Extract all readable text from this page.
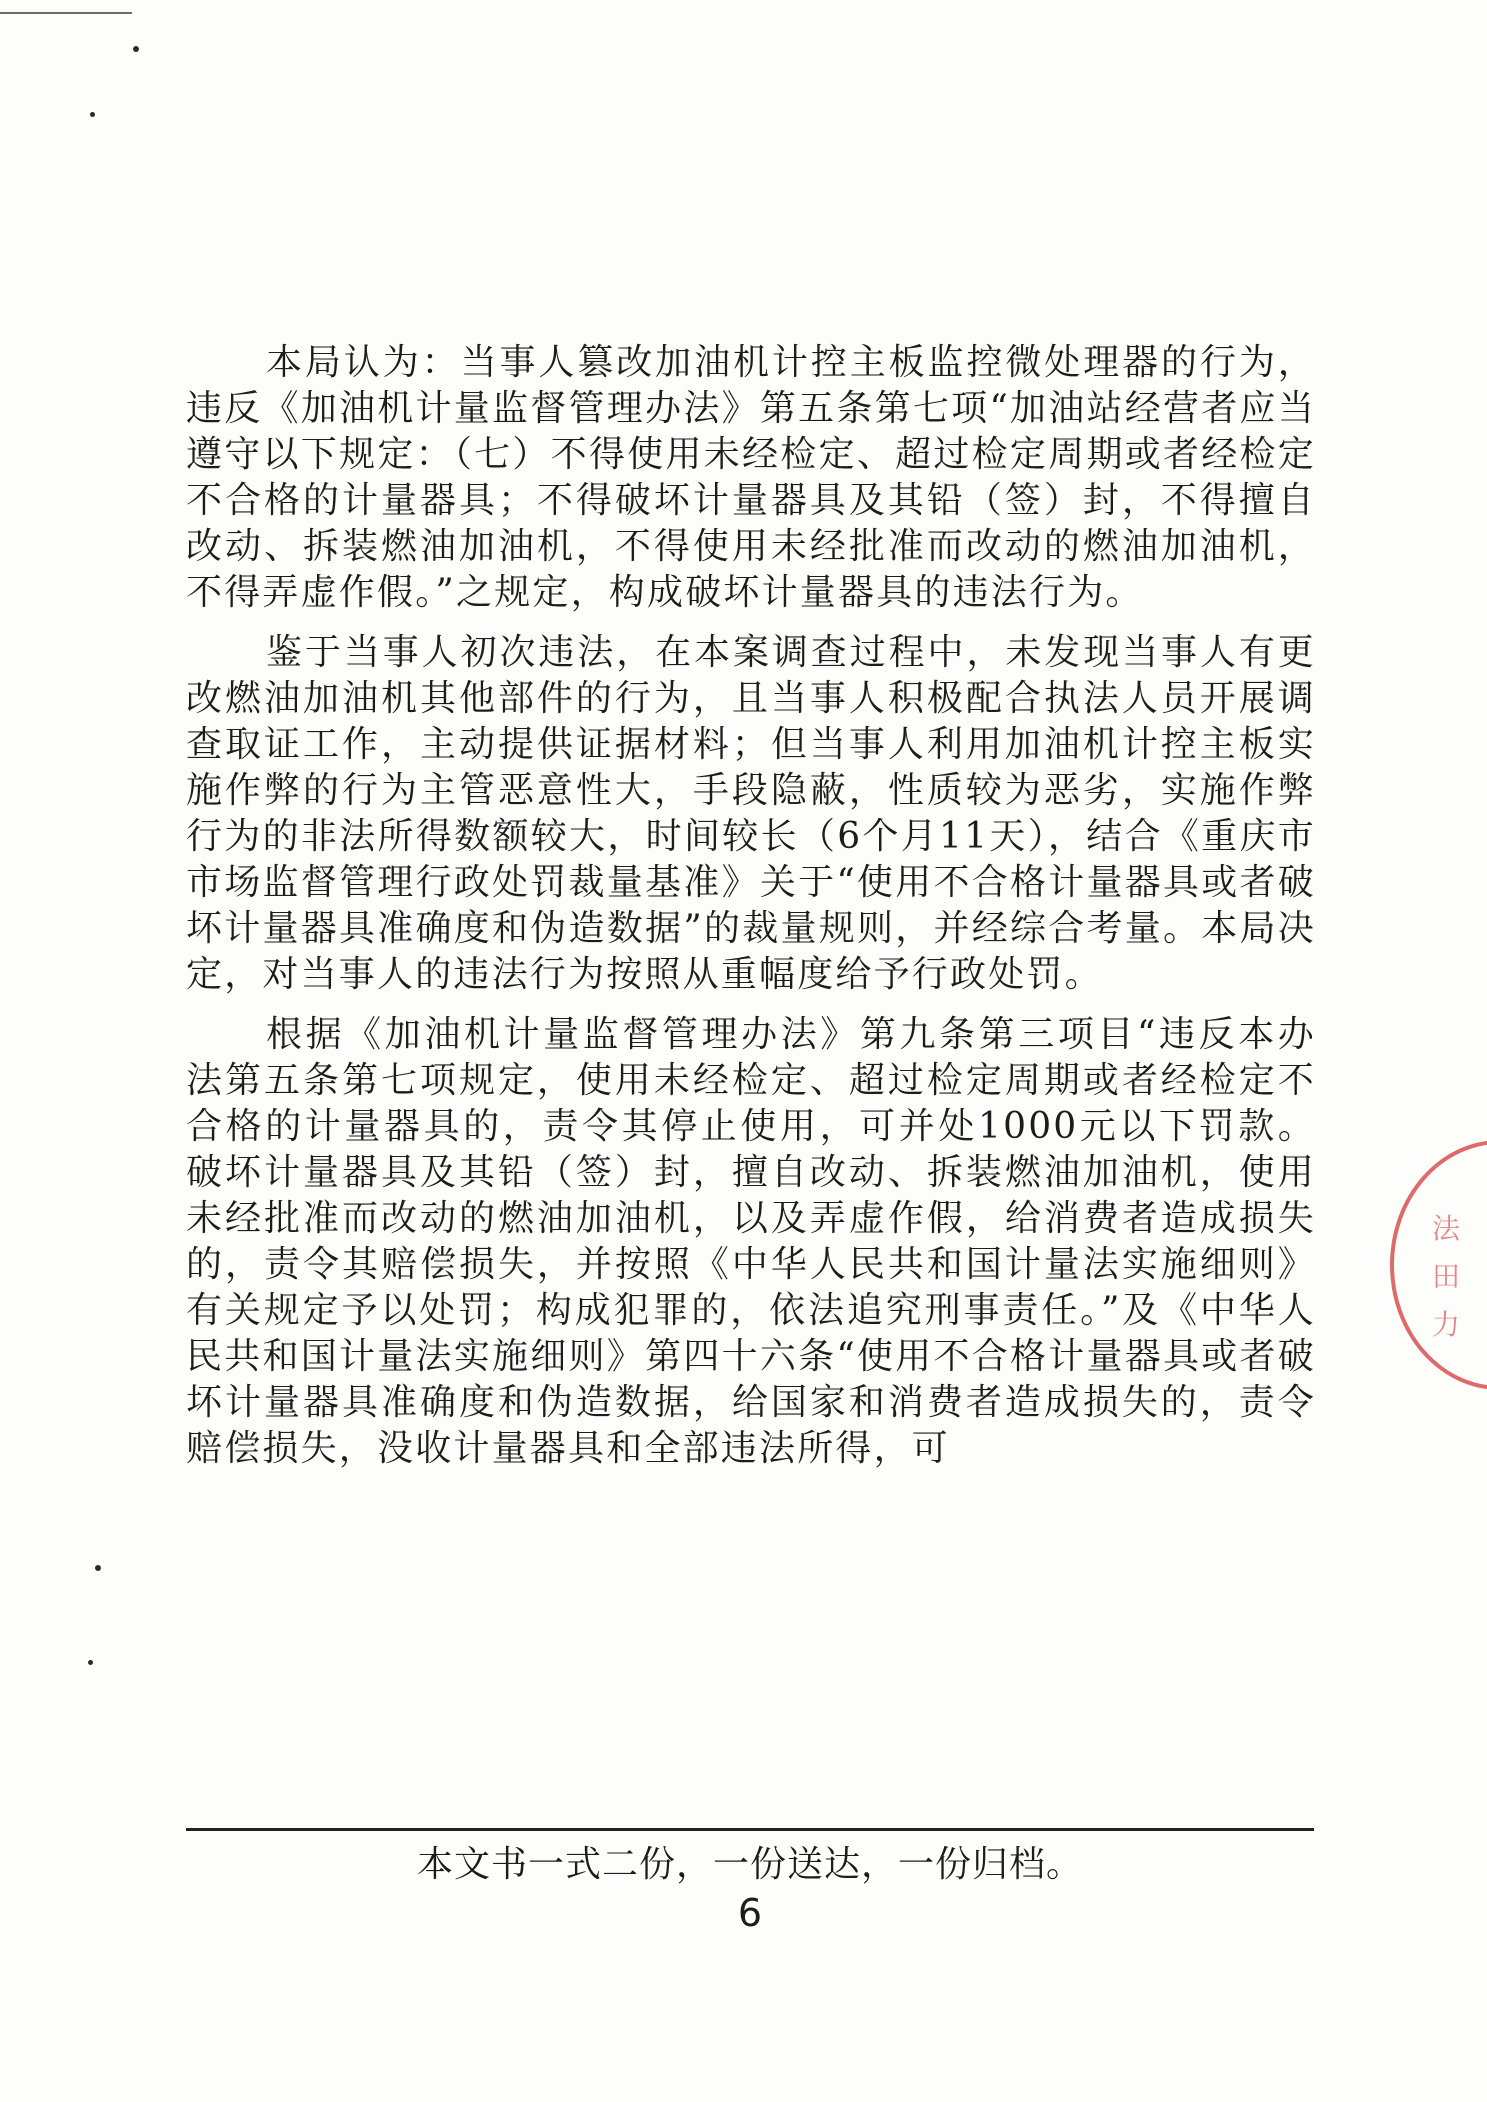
本局认为：当事人篡改加油机计控主板监控微处理器的行为，违反《加油机计量监督管理办法》第五条第七项“加油站经营者应当遵守以下规定：（七）不得使用未经检定、超过检定周期或者经检定不合格的计量器具；不得破坏计量器具及其铅（签）封，不得擅自改动、拆装燃油加油机，不得使用未经批准而改动的燃油加油机，不得弄虚作假。”之规定，构成破坏计量器具的违法行为。

鉴于当事人初次违法，在本案调查过程中，未发现当事人有更改燃油加油机其他部件的行为，且当事人积极配合执法人员开展调查取证工作，主动提供证据材料；但当事人利用加油机计控主板实施作弊的行为主管恶意性大，手段隐蔽，性质较为恶劣，实施作弊行为的非法所得数额较大，时间较长（6个月11天），结合《重庆市市场监督管理行政处罚裁量基准》关于“使用不合格计量器具或者破坏计量器具准确度和伪造数据”的裁量规则，并经综合考量。本局决定，对当事人的违法行为按照从重幅度给予行政处罚。

根据《加油机计量监督管理办法》第九条第三项目“违反本办法第五条第七项规定，使用未经检定、超过检定周期或者经检定不合格的计量器具的，责令其停止使用，可并处1000元以下罚款。破坏计量器具及其铅（签）封，擅自改动、拆装燃油加油机，使用未经批准而改动的燃油加油机，以及弄虚作假，给消费者造成损失的，责令其赔偿损失，并按照《中华人民共和国计量法实施细则》有关规定予以处罚；构成犯罪的，依法追究刑事责任。”及《中华人民共和国计量法实施细则》第四十六条“使用不合格计量器具或者破坏计量器具准确度和伪造数据，给国家和消费者造成损失的，责令赔偿损失，没收计量器具和全部违法所得，可

法 田 力
本文书一式二份，一份送达，一份归档。
6
